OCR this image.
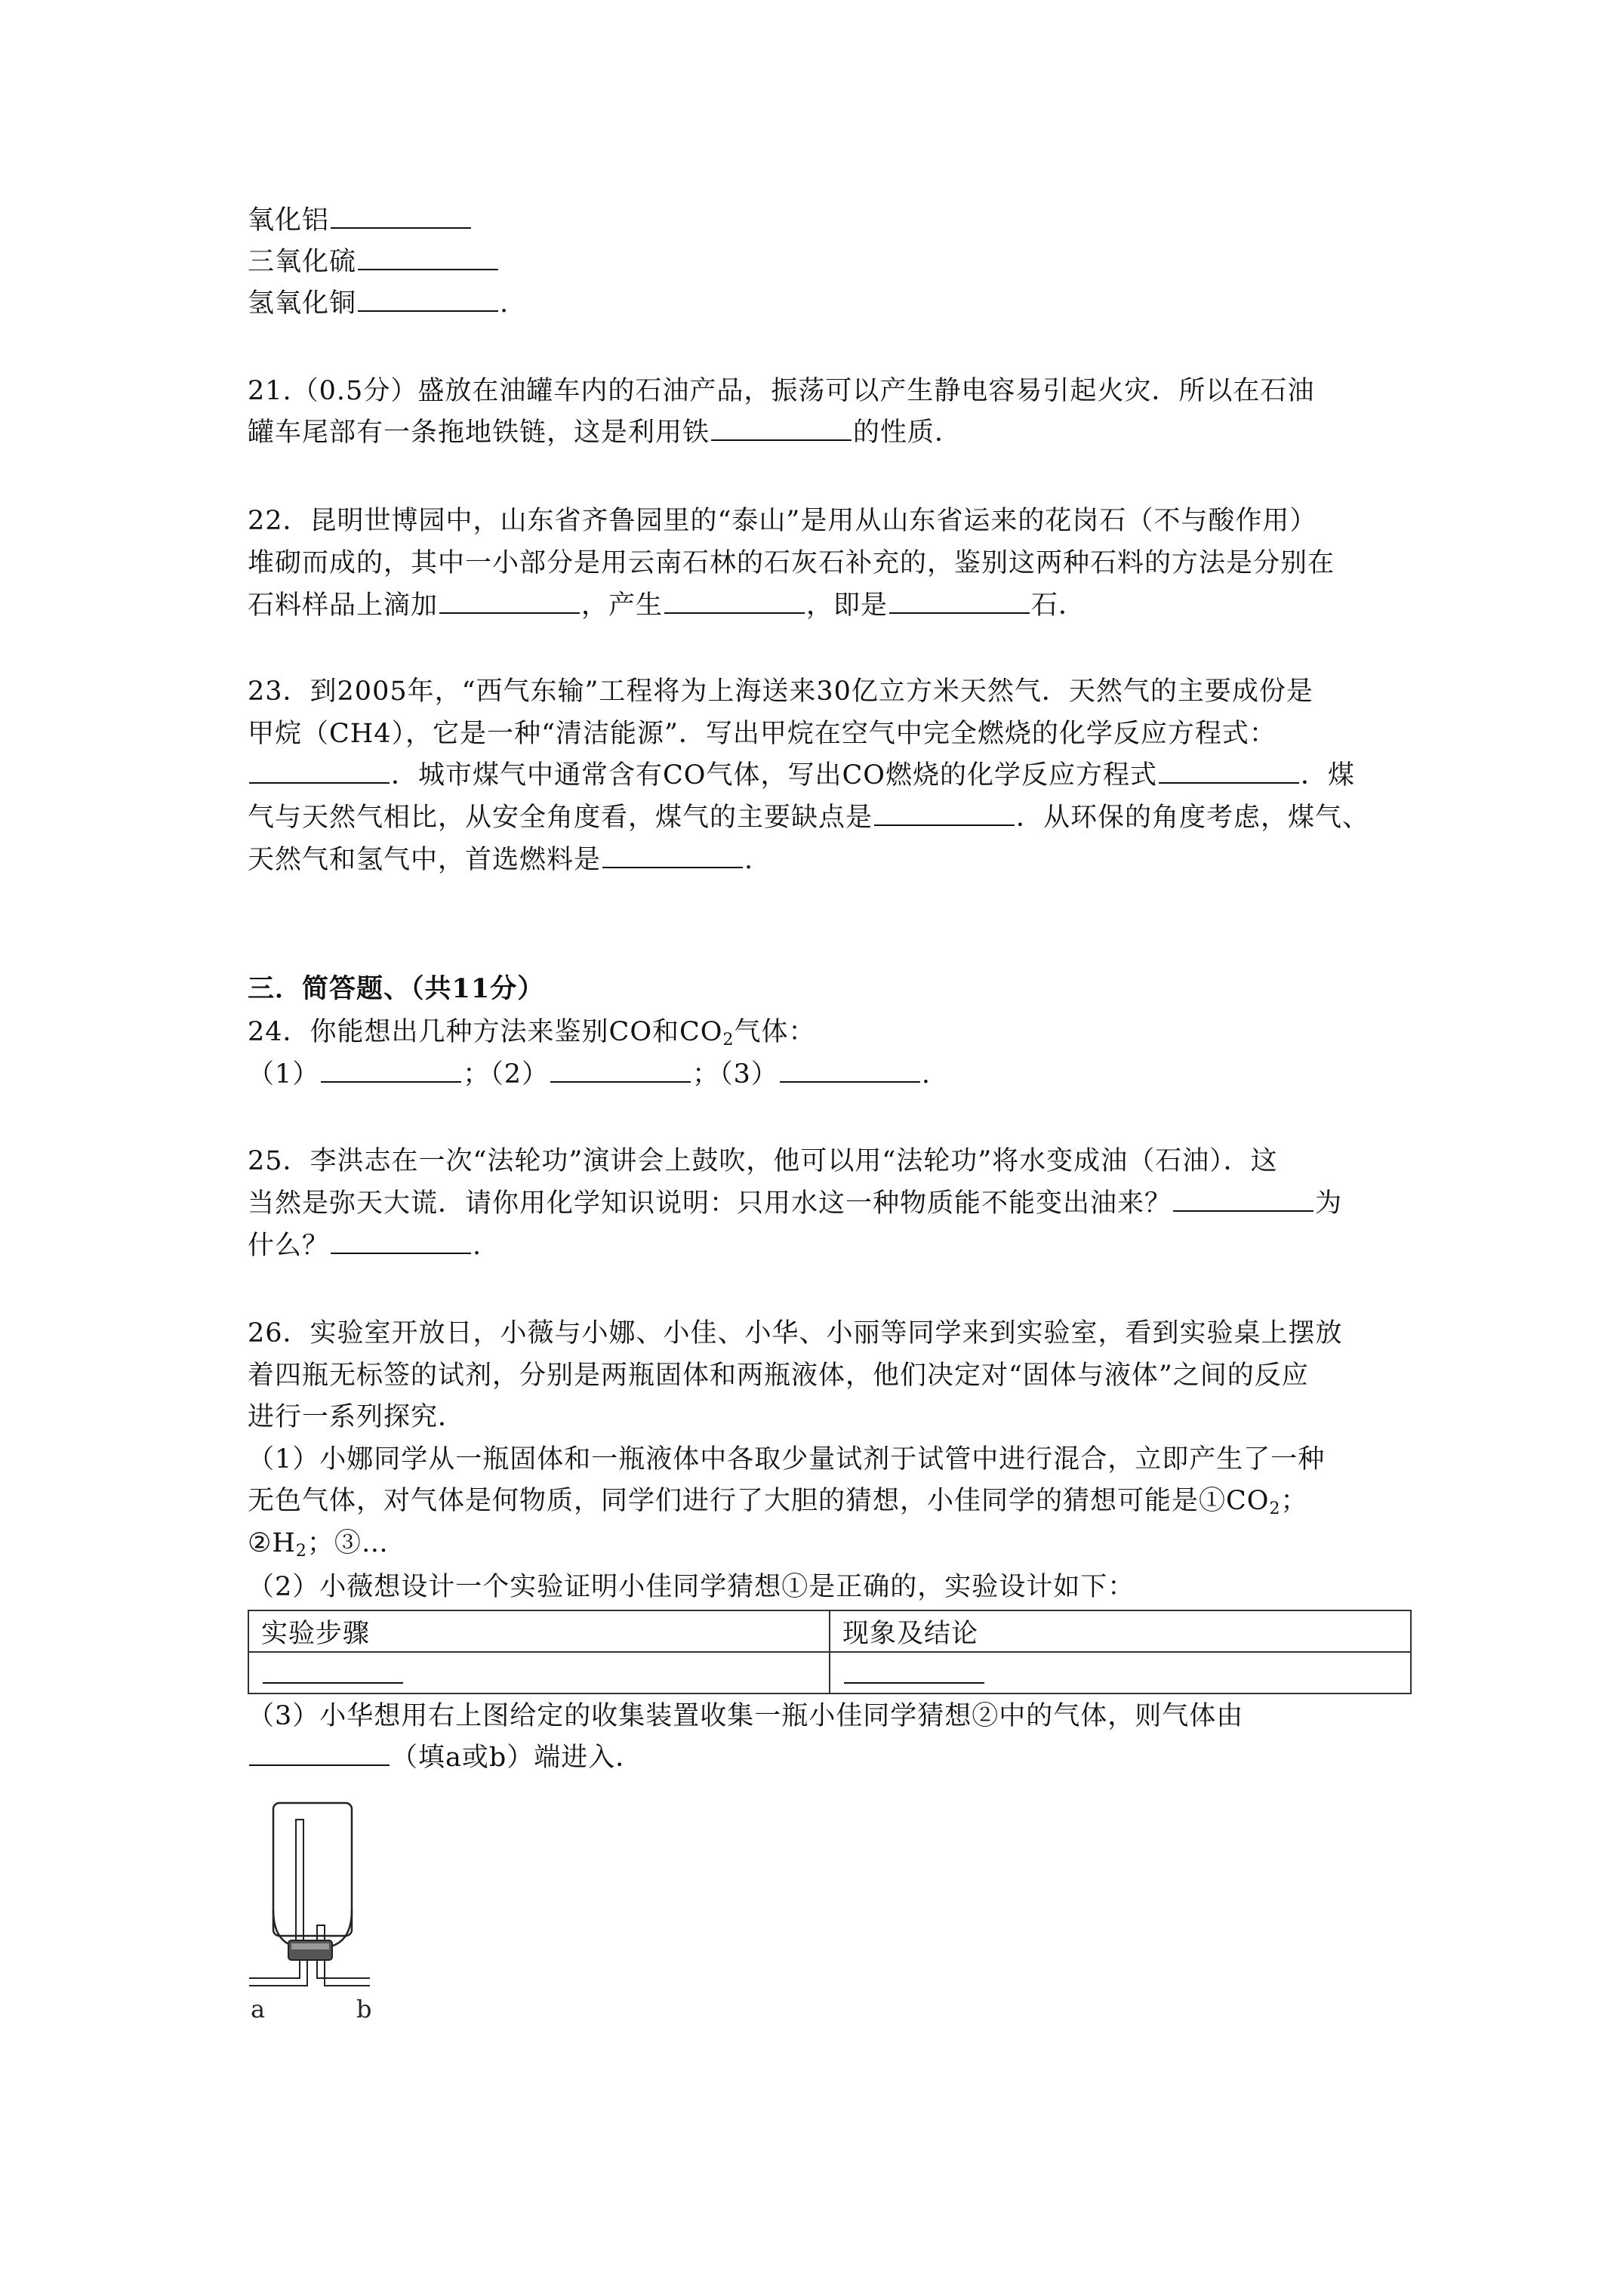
氧化铝
三氧化硫
氢氧化铜	.
21.（0.5分）盛放在油罐车内的石油产品，振荡可以产生静电容易引起火灾．所以在石油
罐车尾部有一条拖地铁链，这是利用铁	的性质．
22．昆明世博园中，山东省齐鲁园里的“泰山”是用从山东省运来的花岗石（不与酸作用）
堆砌而成的，其中一小部分是用云南石林的石灰石补充的，鉴别这两种石料的方法是分别在
石料样品上滴加	，产生	，即是	石．
23．到2005年，“西气东输”工程将为上海送来30亿立方米天然气．天然气的主要成份是
甲烷（CH4），它是一种“清洁能源”．写出甲烷在空气中完全燃烧的化学反应方程式：
．城市煤气中通常含有CO气体，写出CO燃烧的化学反应方程式	．煤
气与天然气相比，从安全角度看，煤气的主要缺点是	．从环保的角度考虑，煤气、
天然气和氢气中，首选燃料是	.
三．简答题、（共11分）
24．你能想出几种方法来鉴别CO和$CO_2$气体：
（1）	；（2）	；（3）	.
25．李洪志在一次“法轮功”演讲会上鼓吹，他可以用“法轮功”将水变成油（石油）．这
当然是弥天大谎．请你用化学知识说明：只用水这一种物质能不能变出油来？	为
什么？	.
26．实验室开放日，小薇与小娜、小佳、小华、小丽等同学来到实验室，看到实验桌上摆放
着四瓶无标签的试剂，分别是两瓶固体和两瓶液体，他们决定对“固体与液体”之间的反应
进行一系列探究．
（1）小娜同学从一瓶固体和一瓶液体中各取少量试剂于试管中进行混合，立即产生了一种
无色气体，对气体是何物质，同学们进行了大胆的猜想，小佳同学的猜想可能是$①CO_2$；
$②H_2$；③…
（2）小薇想设计一个实验证明小佳同学猜想①是正确的，实验设计如下：
实验步骤	现象及结论

（3）小华想用右上图给定的收集装置收集一瓶小佳同学猜想②中的气体，则气体由
（填a或b）端进入．
a	b
